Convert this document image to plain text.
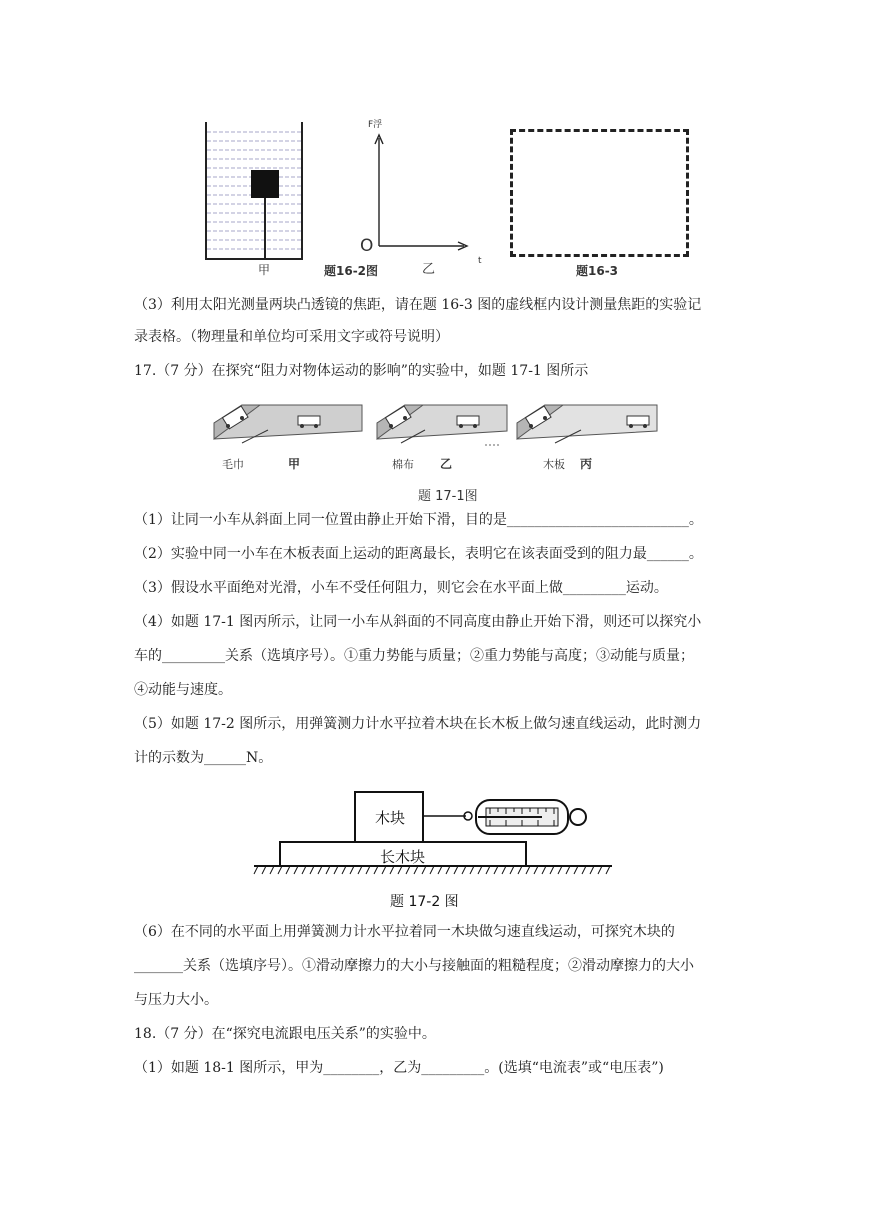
甲	题16-2图
F浮
O
乙
t
题16-3
（3）利用太阳光测量两块凸透镜的焦距，请在题 16-3 图的虚线框内设计测量焦距的实验记
录表格。（物理量和单位均可采用文字或符号说明）
17.（7 分）在探究“阻力对物体运动的影响”的实验中，如题 17-1 图所示
毛巾	甲	棉布 乙	木板 丙
题 17-1图
（1）让同一小车从斜面上同一位置由静止开始下滑，目的是__________________________。
（2）实验中同一小车在木板表面上运动的距离最长，表明它在该表面受到的阻力最______。
（3）假设水平面绝对光滑，小车不受任何阻力，则它会在水平面上做_________运动。
（4）如题 17-1 图丙所示，让同一小车从斜面的不同高度由静止开始下滑，则还可以探究小
车的_________关系（选填序号）。①重力势能与质量；②重力势能与高度；③动能与质量；
④动能与速度。
（5）如题 17-2 图所示，用弹簧测力计水平拉着木块在长木板上做匀速直线运动，此时测力
计的示数为______N。
木块
长木块
题 17-2 图
（6）在不同的水平面上用弹簧测力计水平拉着同一木块做匀速直线运动，可探究木块的
_______关系（选填序号）。①滑动摩擦力的大小与接触面的粗糙程度；②滑动摩擦力的大小
与压力大小。
18.（7 分）在“探究电流跟电压关系”的实验中。
（1）如题 18-1 图所示，甲为________，乙为_________。(选填“电流表”或“电压表”)
